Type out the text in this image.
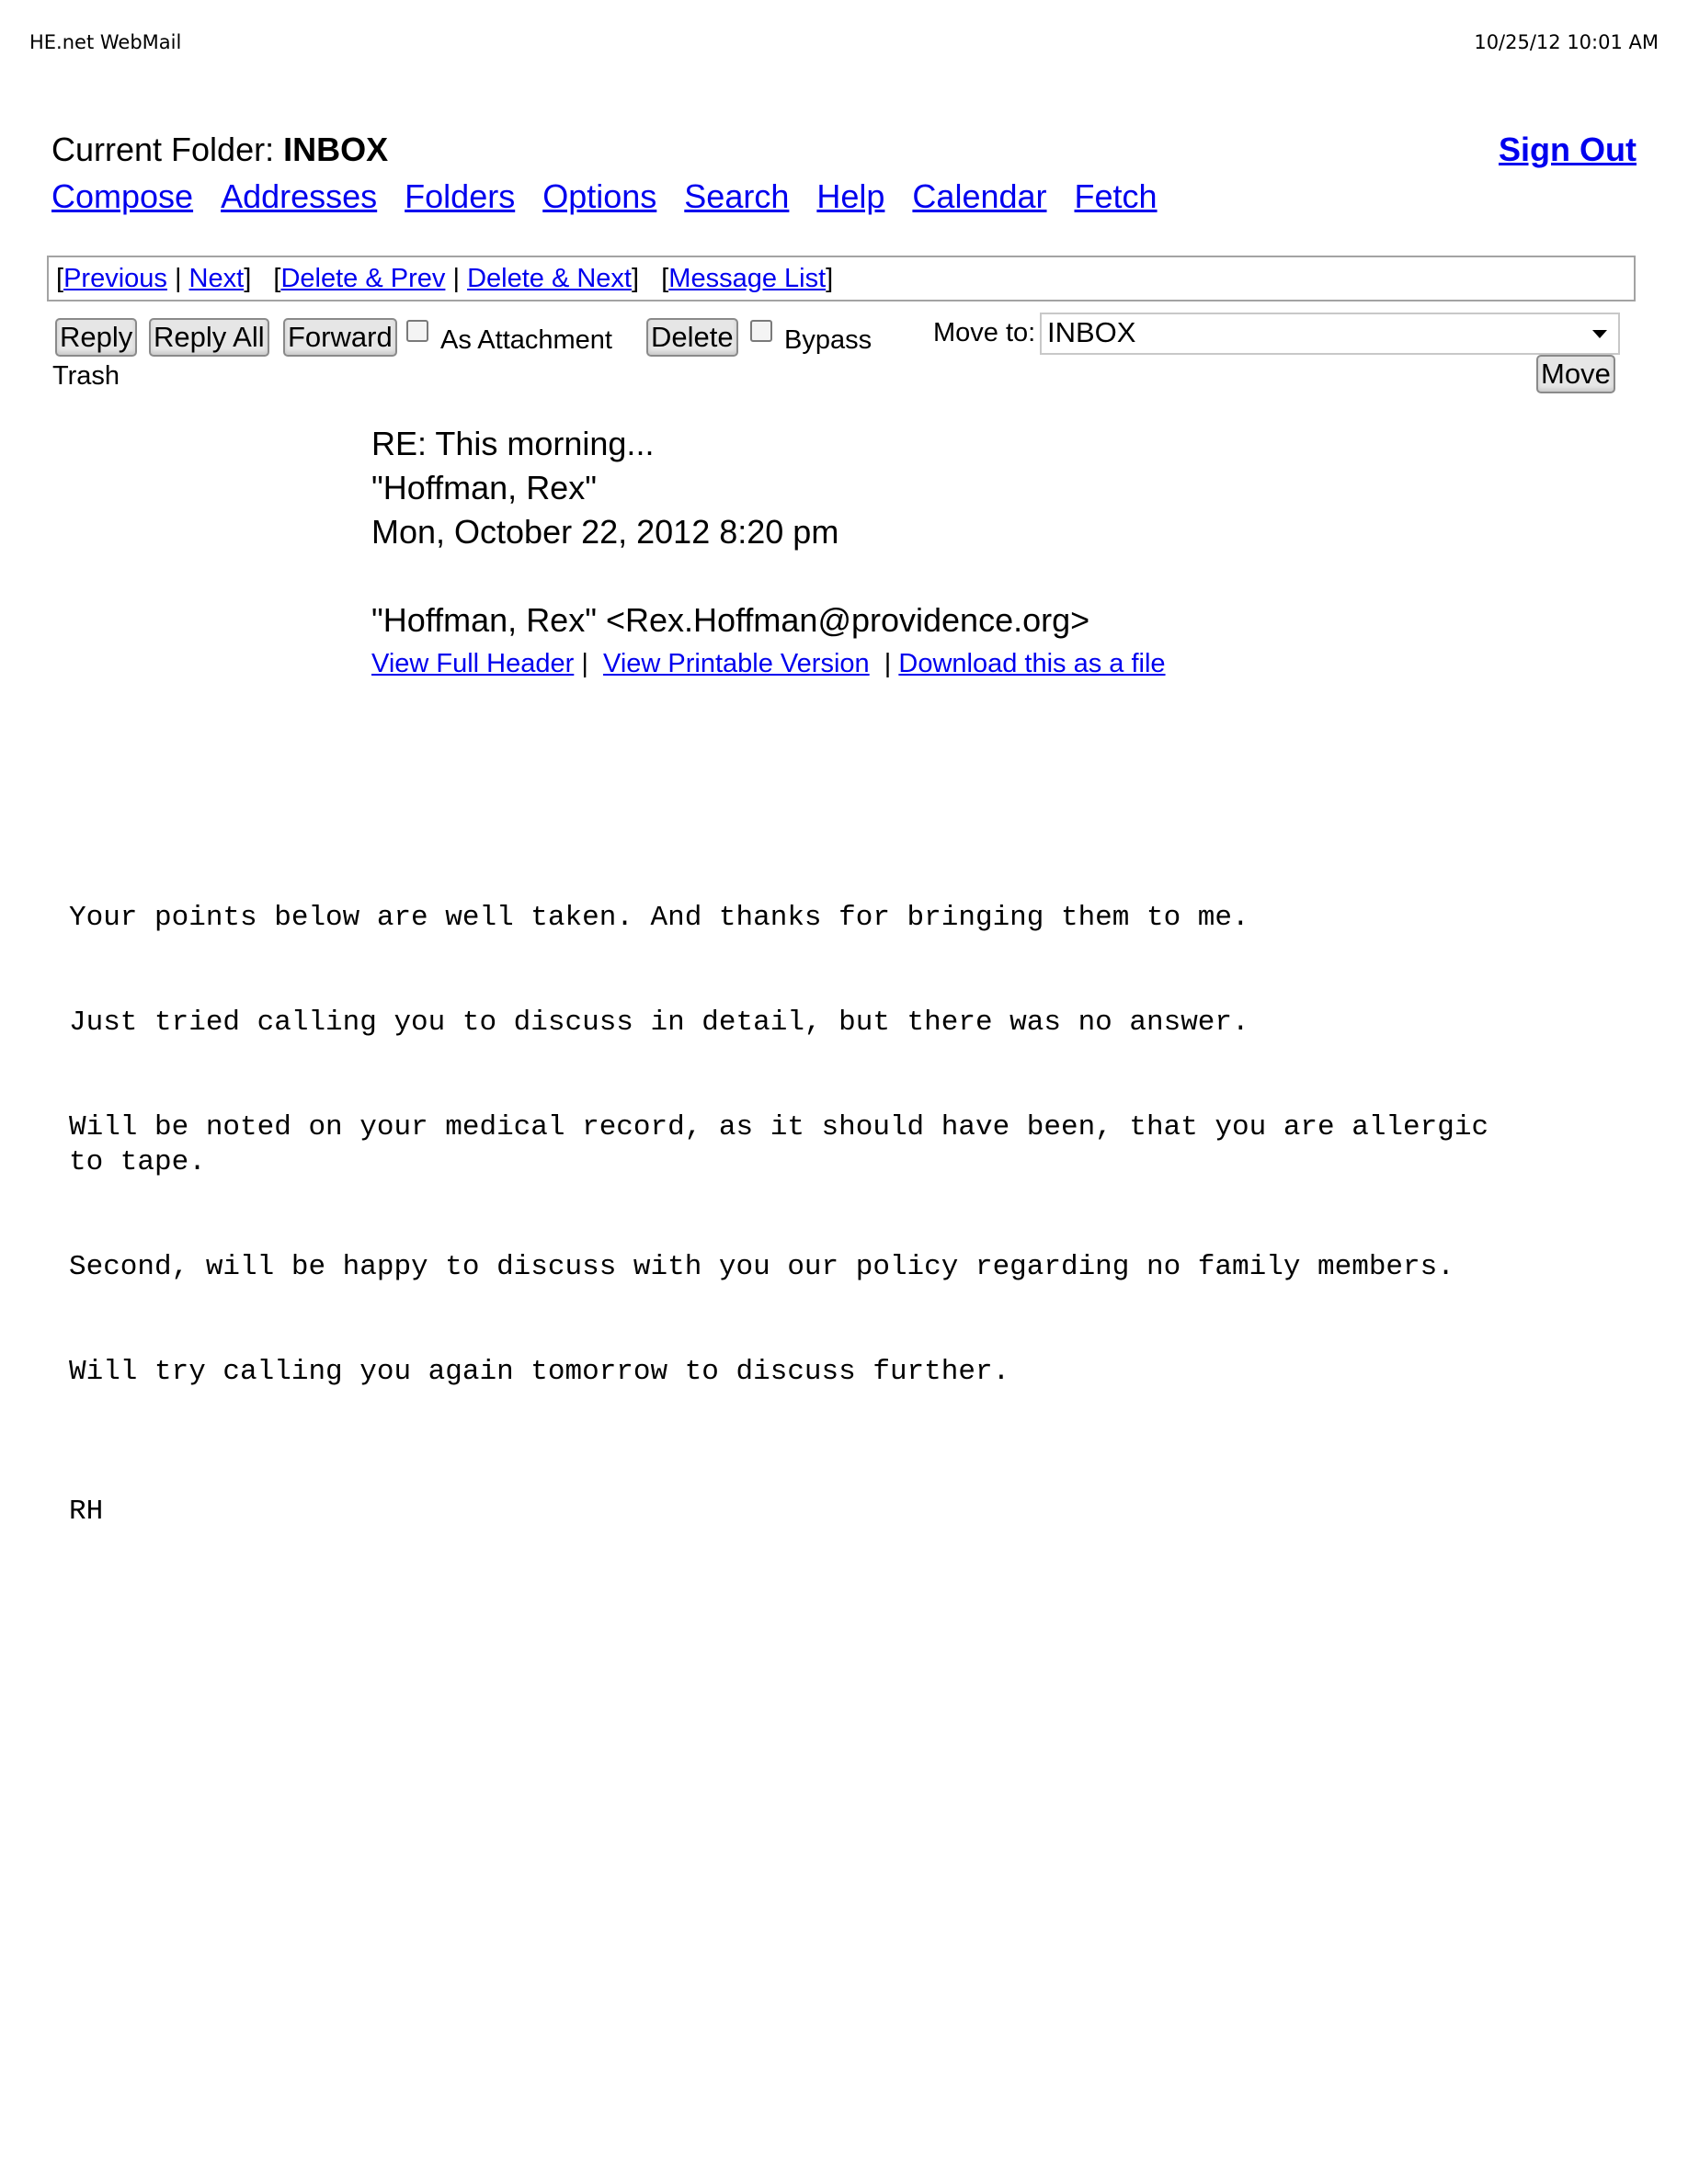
HE.net WebMail	10/25/12 10:01 AM
Current Folder: INBOX	Sign Out
Compose Addresses Folders Options Search Help Calendar Fetch
[ Previous | Next ]   [ Delete & Prev | Delete & Next ]   [ Message List ]
Reply Reply All Forward As Attachment Delete Bypass
Trash
Move to: INBOX
Move
RE: This morning...
"Hoffman, Rex"
Mon, October 22, 2012 8:20 pm
"Hoffman, Rex" <Rex.Hoffman@providence.org>
View Full Header |  View Printable Version  | Download this as a file
Your points below are well taken. And thanks for bringing them to me.

Just tried calling you to discuss in detail, but there was no answer.

Will be noted on your medical record, as it should have been, that you are allergic
to tape.

Second, will be happy to discuss with you our policy regarding no family members.

Will try calling you again tomorrow to discuss further.

RH
